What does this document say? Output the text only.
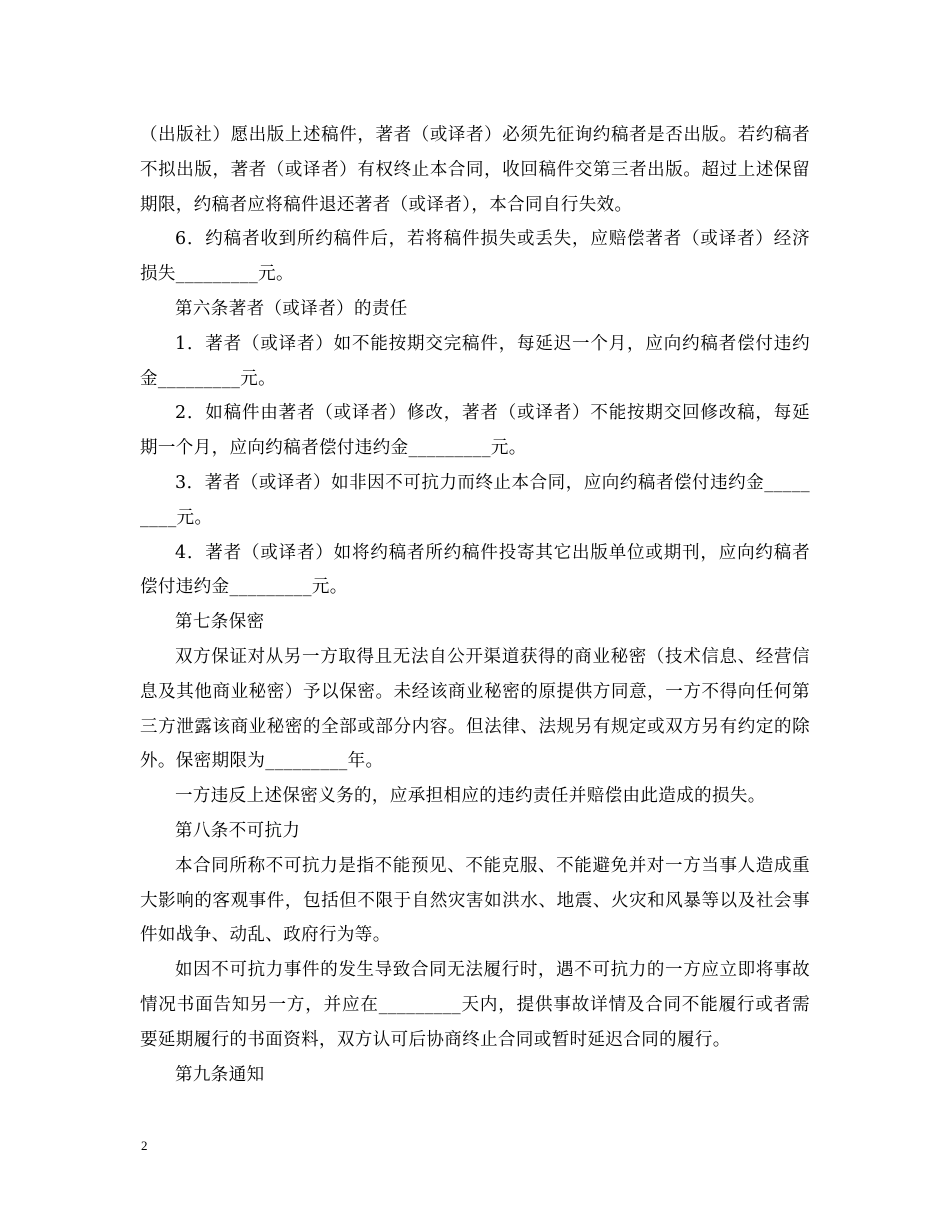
（出版社）愿出版上述稿件，著者（或译者）必须先征询约稿者是否出版。若约稿者不拟出版，著者（或译者）有权终止本合同，收回稿件交第三者出版。超过上述保留期限，约稿者应将稿件退还著者（或译者），本合同自行失效。

6．约稿者收到所约稿件后，若将稿件损失或丢失，应赔偿著者（或译者）经济损失_________元。

第六条著者（或译者）的责任

1．著者（或译者）如不能按期交完稿件，每延迟一个月，应向约稿者偿付违约金_________元。

2．如稿件由著者（或译者）修改，著者（或译者）不能按期交回修改稿，每延期一个月，应向约稿者偿付违约金_________元。

3．著者（或译者）如非因不可抗力而终止本合同，应向约稿者偿付违约金_________元。

4．著者（或译者）如将约稿者所约稿件投寄其它出版单位或期刊，应向约稿者偿付违约金_________元。

第七条保密

双方保证对从另一方取得且无法自公开渠道获得的商业秘密（技术信息、经营信息及其他商业秘密）予以保密。未经该商业秘密的原提供方同意，一方不得向任何第三方泄露该商业秘密的全部或部分内容。但法律、法规另有规定或双方另有约定的除外。保密期限为_________年。

一方违反上述保密义务的，应承担相应的违约责任并赔偿由此造成的损失。

第八条不可抗力

本合同所称不可抗力是指不能预见、不能克服、不能避免并对一方当事人造成重大影响的客观事件，包括但不限于自然灾害如洪水、地震、火灾和风暴等以及社会事件如战争、动乱、政府行为等。

如因不可抗力事件的发生导致合同无法履行时，遇不可抗力的一方应立即将事故情况书面告知另一方，并应在_________天内，提供事故详情及合同不能履行或者需要延期履行的书面资料，双方认可后协商终止合同或暂时延迟合同的履行。

第九条通知

2
